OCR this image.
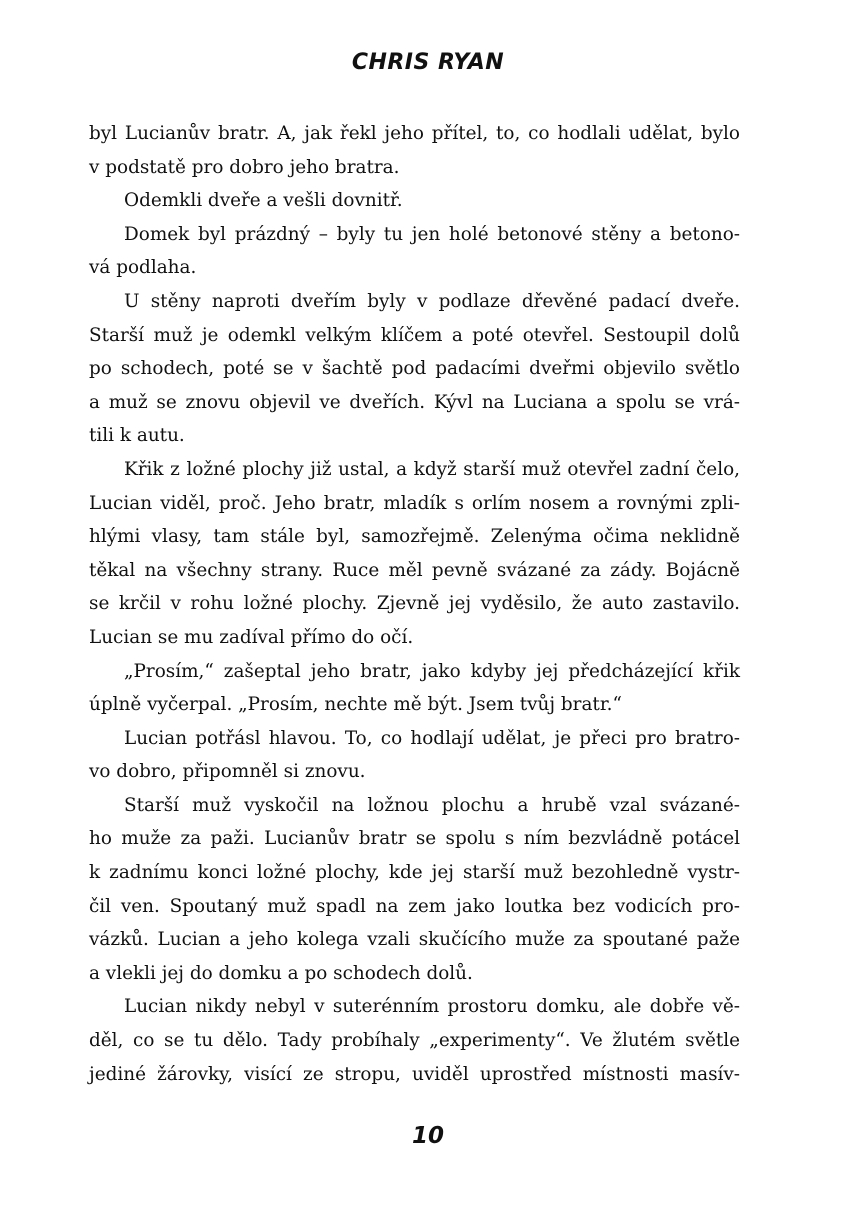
CHRIS RYAN
byl Lucianův bratr. A, jak řekl jeho přítel, to, co hodlali udělat, bylo
v podstatě pro dobro jeho bratra.
Odemkli dveře a vešli dovnitř.
Domek byl prázdný – byly tu jen holé betonové stěny a betono-
vá podlaha.
U stěny naproti dveřím byly v podlaze dřevěné padací dveře.
Starší muž je odemkl velkým klíčem a poté otevřel. Sestoupil dolů
po schodech, poté se v šachtě pod padacími dveřmi objevilo světlo
a muž se znovu objevil ve dveřích. Kývl na Luciana a spolu se vrá-
tili k autu.
Křik z ložné plochy již ustal, a když starší muž otevřel zadní čelo,
Lucian viděl, proč. Jeho bratr, mladík s orlím nosem a rovnými zpli-
hlými vlasy, tam stále byl, samozřejmě. Zelenýma očima neklidně
těkal na všechny strany. Ruce měl pevně svázané za zády. Bojácně
se krčil v rohu ložné plochy. Zjevně jej vyděsilo, že auto zastavilo.
Lucian se mu zadíval přímo do očí.
„Prosím,“ zašeptal jeho bratr, jako kdyby jej předcházející křik
úplně vyčerpal. „Prosím, nechte mě být. Jsem tvůj bratr.“
Lucian potřásl hlavou. To, co hodlají udělat, je přeci pro bratro-
vo dobro, připomněl si znovu.
Starší muž vyskočil na ložnou plochu a hrubě vzal svázané-
ho muže za paži. Lucianův bratr se spolu s ním bezvládně potácel
k zadnímu konci ložné plochy, kde jej starší muž bezohledně vystr-
čil ven. Spoutaný muž spadl na zem jako loutka bez vodicích pro-
vázků. Lucian a jeho kolega vzali skučícího muže za spoutané paže
a vlekli jej do domku a po schodech dolů.
Lucian nikdy nebyl v suterénním prostoru domku, ale dobře vě-
děl, co se tu dělo. Tady probíhaly „experimenty“. Ve žlutém světle
jediné žárovky, visící ze stropu, uviděl uprostřed místnosti masív-
10
